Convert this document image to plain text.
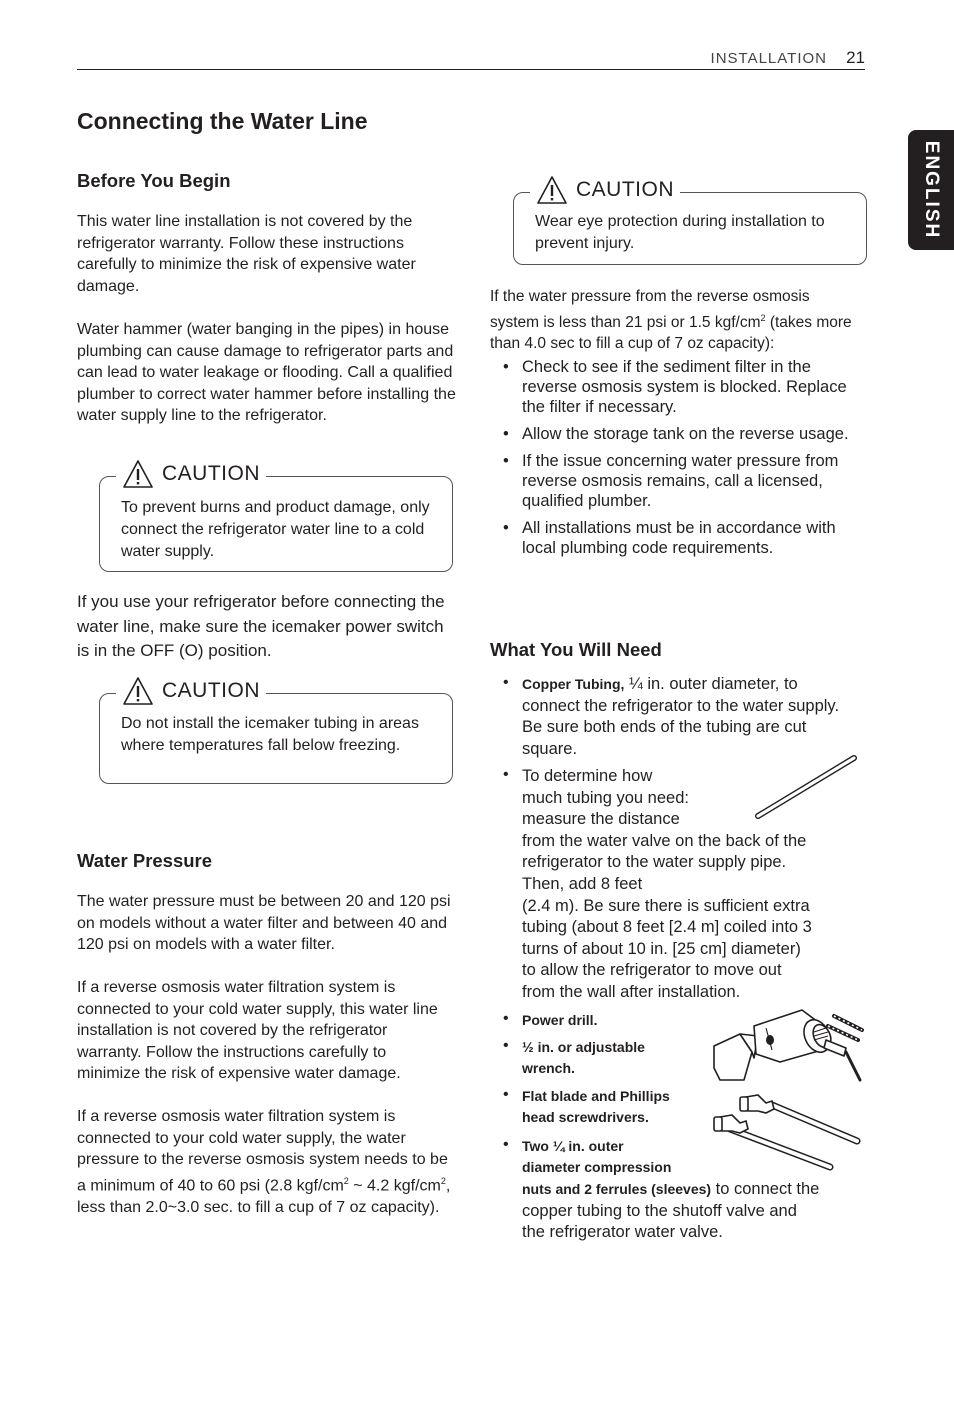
INSTALLATION 21
ENGLISH
Connecting the Water Line
Before You Begin

This water line installation is not covered by the refrigerator warranty. Follow these instructions carefully to minimize the risk of expensive water damage.

Water hammer (water banging in the pipes) in house plumbing can cause damage to refrigerator parts and can lead to water leakage or flooding. Call a qualified plumber to correct water hammer before installing the water supply line to the refrigerator.

CAUTION
To prevent burns and product damage, only connect the refrigerator water line to a cold water supply.

If you use your refrigerator before connecting the water line, make sure the icemaker power switch is in the OFF (O) position.

CAUTION
Do not install the icemaker tubing in areas where temperatures fall below freezing.
Water Pressure

The water pressure must be between 20 and 120 psi on models without a water filter and between 40 and 120 psi on models with a water filter.

If a reverse osmosis water filtration system is connected to your cold water supply, this water line installation is not covered by the refrigerator warranty. Follow the instructions carefully to minimize the risk of expensive water damage.

If a reverse osmosis water filtration system is connected to your cold water supply, the water pressure to the reverse osmosis system needs to be a minimum of 40 to 60 psi (2.8 kgf/$cm^2$ ~ 4.2 kgf/$cm^2$, less than 2.0~3.0 sec. to fill a cup of 7 oz capacity).

CAUTION
Wear eye protection during installation to prevent injury.

If the water pressure from the reverse osmosis system is less than 21 psi or 1.5 kgf/$cm^2$ (takes more than 4.0 sec to fill a cup of 7 oz capacity):

• Check to see if the sediment filter in the reverse osmosis system is blocked. Replace the filter if necessary.
• Allow the storage tank on the reverse usage.
• If the issue concerning water pressure from reverse osmosis remains, call a licensed, qualified plumber.
• All installations must be in accordance with local plumbing code requirements.
What You Will Need
• Copper Tubing, ¼ in. outer diameter, to connect the refrigerator to the water supply. Be sure both ends of the tubing are cut square.

• To determine how
much tubing you need:
measure the distance
from the water valve on the back of the
refrigerator to the water supply pipe.
Then, add 8 feet
(2.4 m). Be sure there is sufficient extra
tubing (about 8 feet [2.4 m] coiled into 3
turns of about 10 in. [25 cm] diameter)
to allow the refrigerator to move out
from the wall after installation.
• Power drill.

• ½ in. or adjustable
wrench.
• Flat blade and Phillips
head screwdrivers.
• Two ¼ in. outer
diameter compression
nuts and 2 ferrules (sleeves) to connect the
copper tubing to the shutoff valve and
the refrigerator water valve.
